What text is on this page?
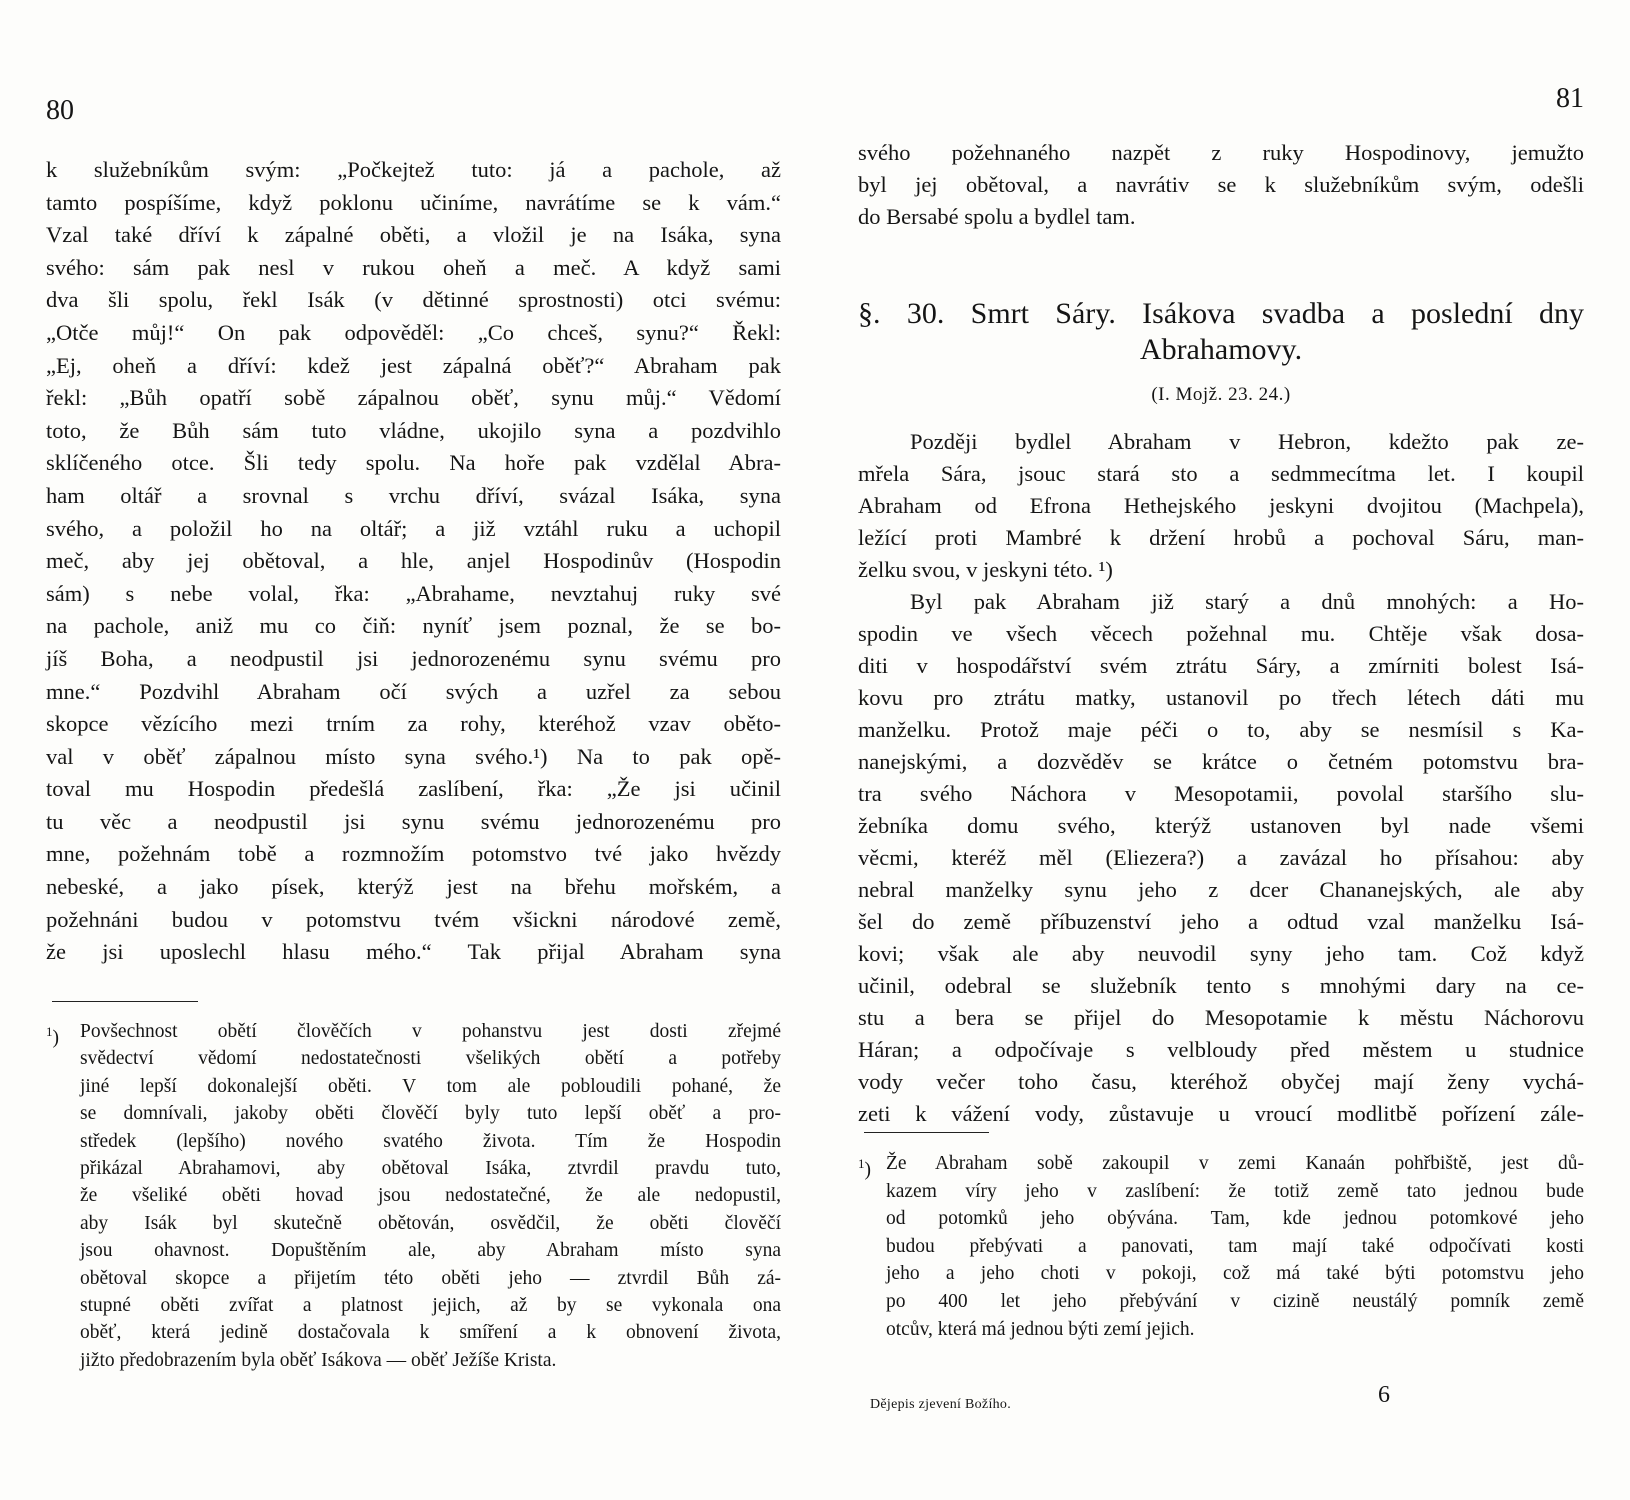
80
k služebníkům svým: „Počkejtež tuto: já a pachole, až
tamto pospíšíme, když poklonu učiníme, navrátíme se k vám.“
Vzal také dříví k zápalné oběti, a vložil je na Isáka, syna
svého: sám pak nesl v rukou oheň a meč. A když sami
dva šli spolu, řekl Isák (v dětinné sprostnosti) otci svému:
„Otče můj!“ On pak odpověděl: „Co chceš, synu?“ Řekl:
„Ej, oheň a dříví: kdež jest zápalná oběť?“ Abraham pak
řekl: „Bůh opatří sobě zápalnou oběť, synu můj.“ Vědomí
toto, že Bůh sám tuto vládne, ukojilo syna a pozdvihlo
sklíčeného otce. Šli tedy spolu. Na hoře pak vzdělal Abra-
ham oltář a srovnal s vrchu dříví, svázal Isáka, syna
svého, a položil ho na oltář; a již vztáhl ruku a uchopil
meč, aby jej obětoval, a hle, anjel Hospodinův (Hospodin
sám) s nebe volal, řka: „Abrahame, nevztahuj ruky své
na pachole, aniž mu co čiň: nyníť jsem poznal, že se bo-
jíš Boha, a neodpustil jsi jednorozenému synu svému pro
mne.“ Pozdvihl Abraham očí svých a uzřel za sebou
skopce vězícího mezi trním za rohy, kteréhož vzav oběto-
val v oběť zápalnou místo syna svého.¹) Na to pak opě-
toval mu Hospodin předešlá zaslíbení, řka: „Že jsi učinil
tu věc a neodpustil jsi synu svému jednorozenému pro
mne, požehnám tobě a rozmnožím potomstvo tvé jako hvězdy
nebeské, a jako písek, kterýž jest na břehu mořském, a
požehnáni budou v potomstvu tvém všickni národové země,
že jsi uposlechl hlasu mého.“ Tak přijal Abraham syna
$^1$) Povšechnost obětí člověčích v pohanstvu jest dosti zřejmé
svědectví vědomí nedostatečnosti všelikých obětí a potřeby
jiné lepší dokonalejší oběti. V tom ale pobloudili pohané, že
se domnívali, jakoby oběti člověčí byly tuto lepší oběť a pro-
středek (lepšího) nového svatého života. Tím že Hospodin
přikázal Abrahamovi, aby obětoval Isáka, ztvrdil pravdu tuto,
že všeliké oběti hovad jsou nedostatečné, že ale nedopustil,
aby Isák byl skutečně obětován, osvědčil, že oběti člověčí
jsou ohavnost. Dopuštěním ale, aby Abraham místo syna
obětoval skopce a přijetím této oběti jeho — ztvrdil Bůh zá-
stupné oběti zvířat a platnost jejich, až by se vykonala ona
oběť, která jedině dostačovala k smíření a k obnovení života,
jižto předobrazením byla oběť Isákova — oběť Ježíše Krista.
81
svého požehnaného nazpět z ruky Hospodinovy, jemužto
byl jej obětoval, a navrátiv se k služebníkům svým, odešli
do Bersabé spolu a bydlel tam.
§. 30. Smrt Sáry. Isákova svadba a poslední dny
Abrahamovy.
(I. Mojž. 23. 24.)
Později bydlel Abraham v Hebron, kdežto pak ze-
mřela Sára, jsouc stará sto a sedmmecítma let. I koupil
Abraham od Efrona Hethejského jeskyni dvojitou (Machpela),
ležící proti Mambré k držení hrobů a pochoval Sáru, man-
želku svou, v jeskyni této. ¹)
Byl pak Abraham již starý a dnů mnohých: a Ho-
spodin ve všech věcech požehnal mu. Chtěje však dosa-
diti v hospodářství svém ztrátu Sáry, a zmírniti bolest Isá-
kovu pro ztrátu matky, ustanovil po třech létech dáti mu
manželku. Protož maje péči o to, aby se nesmísil s Ka-
nanejskými, a dozvěděv se krátce o četném potomstvu bra-
tra svého Náchora v Mesopotamii, povolal staršího slu-
žebníka domu svého, kterýž ustanoven byl nade všemi
věcmi, kteréž měl (Eliezera?) a zavázal ho přísahou: aby
nebral manželky synu jeho z dcer Chananejských, ale aby
šel do země příbuzenství jeho a odtud vzal manželku Isá-
kovi; však ale aby neuvodil syny jeho tam. Což když
učinil, odebral se služebník tento s mnohými dary na ce-
stu a bera se přijel do Mesopotamie k městu Náchorovu
Háran; a odpočívaje s velbloudy před městem u studnice
vody večer toho času, kteréhož obyčej mají ženy vychá-
zeti k vážení vody, zůstavuje u vroucí modlitbě pořízení zále-
$^1$) Že Abraham sobě zakoupil v zemi Kanaán pohřbiště, jest dů-
kazem víry jeho v zaslíbení: že totiž země tato jednou bude
od potomků jeho obývána. Tam, kde jednou potomkové jeho
budou přebývati a panovati, tam mají také odpočívati kosti
jeho a jeho choti v pokoji, což má také býti potomstvu jeho
po 400 let jeho přebývání v cizině neustálý pomník země
otcův, která má jednou býti zemí jejich.
Dějepis zjevení Božího.	6
